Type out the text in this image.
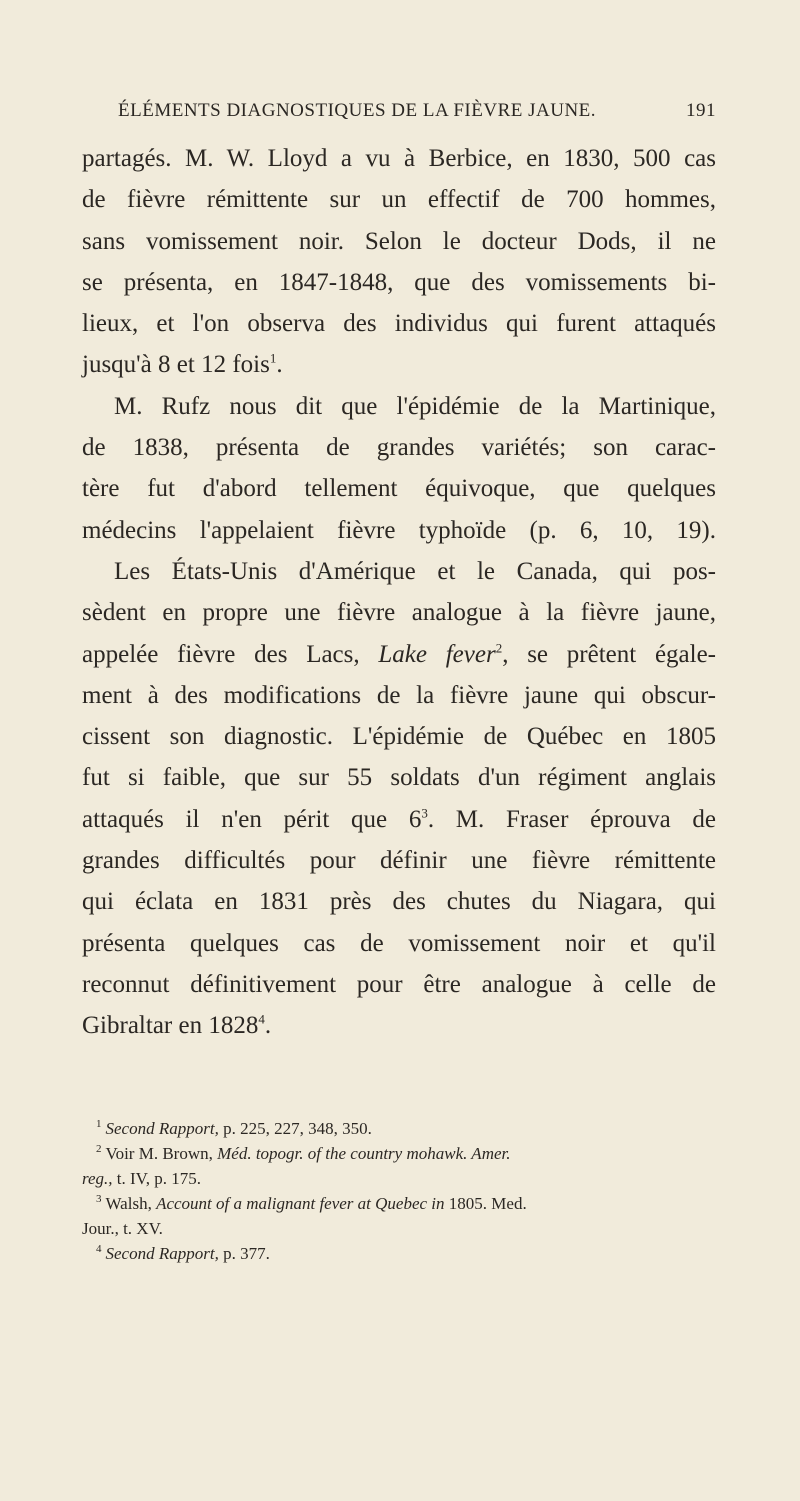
ÉLÉMENTS DIAGNOSTIQUES DE LA FIÈVRE JAUNE.	191

partagés. M. W. Lloyd a vu à Berbice, en 1830, 500 cas
de fièvre rémittente sur un effectif de 700 hommes,
sans vomissement noir. Selon le docteur Dods, il ne
se présenta, en 1847-1848, que des vomissements bi-
lieux, et l'on observa des individus qui furent attaqués
jusqu'à 8 et 12 fois$^1$.

M. Rufz nous dit que l'épidémie de la Martinique,
de 1838, présenta de grandes variétés; son carac-
tère fut d'abord tellement équivoque, que quelques
médecins l'appelaient fièvre typhoïde (p. 6, 10, 19).

Les États-Unis d'Amérique et le Canada, qui pos-
sèdent en propre une fièvre analogue à la fièvre jaune,
appelée fièvre des Lacs, Lake fever$^2$, se prêtent égale-
ment à des modifications de la fièvre jaune qui obscur-
cissent son diagnostic. L'épidémie de Québec en 1805
fut si faible, que sur 55 soldats d'un régiment anglais
attaqués il n'en périt que $6^3$. M. Fraser éprouva de
grandes difficultés pour définir une fièvre rémittente
qui éclata en 1831 près des chutes du Niagara, qui
présenta quelques cas de vomissement noir et qu'il
reconnut définitivement pour être analogue à celle de
Gibraltar en 1828$^4$.

$^1$ Second Rapport, p. 225, 227, 348, 350.

$^2$ Voir M. Brown, Méd. topogr. of the country mohawk. Amer.

reg., t. IV, p. 175.

$^3$ Walsh, Account of a malignant fever at Quebec in 1805. Med.

Jour., t. XV.

$^4$ Second Rapport, p. 377.
